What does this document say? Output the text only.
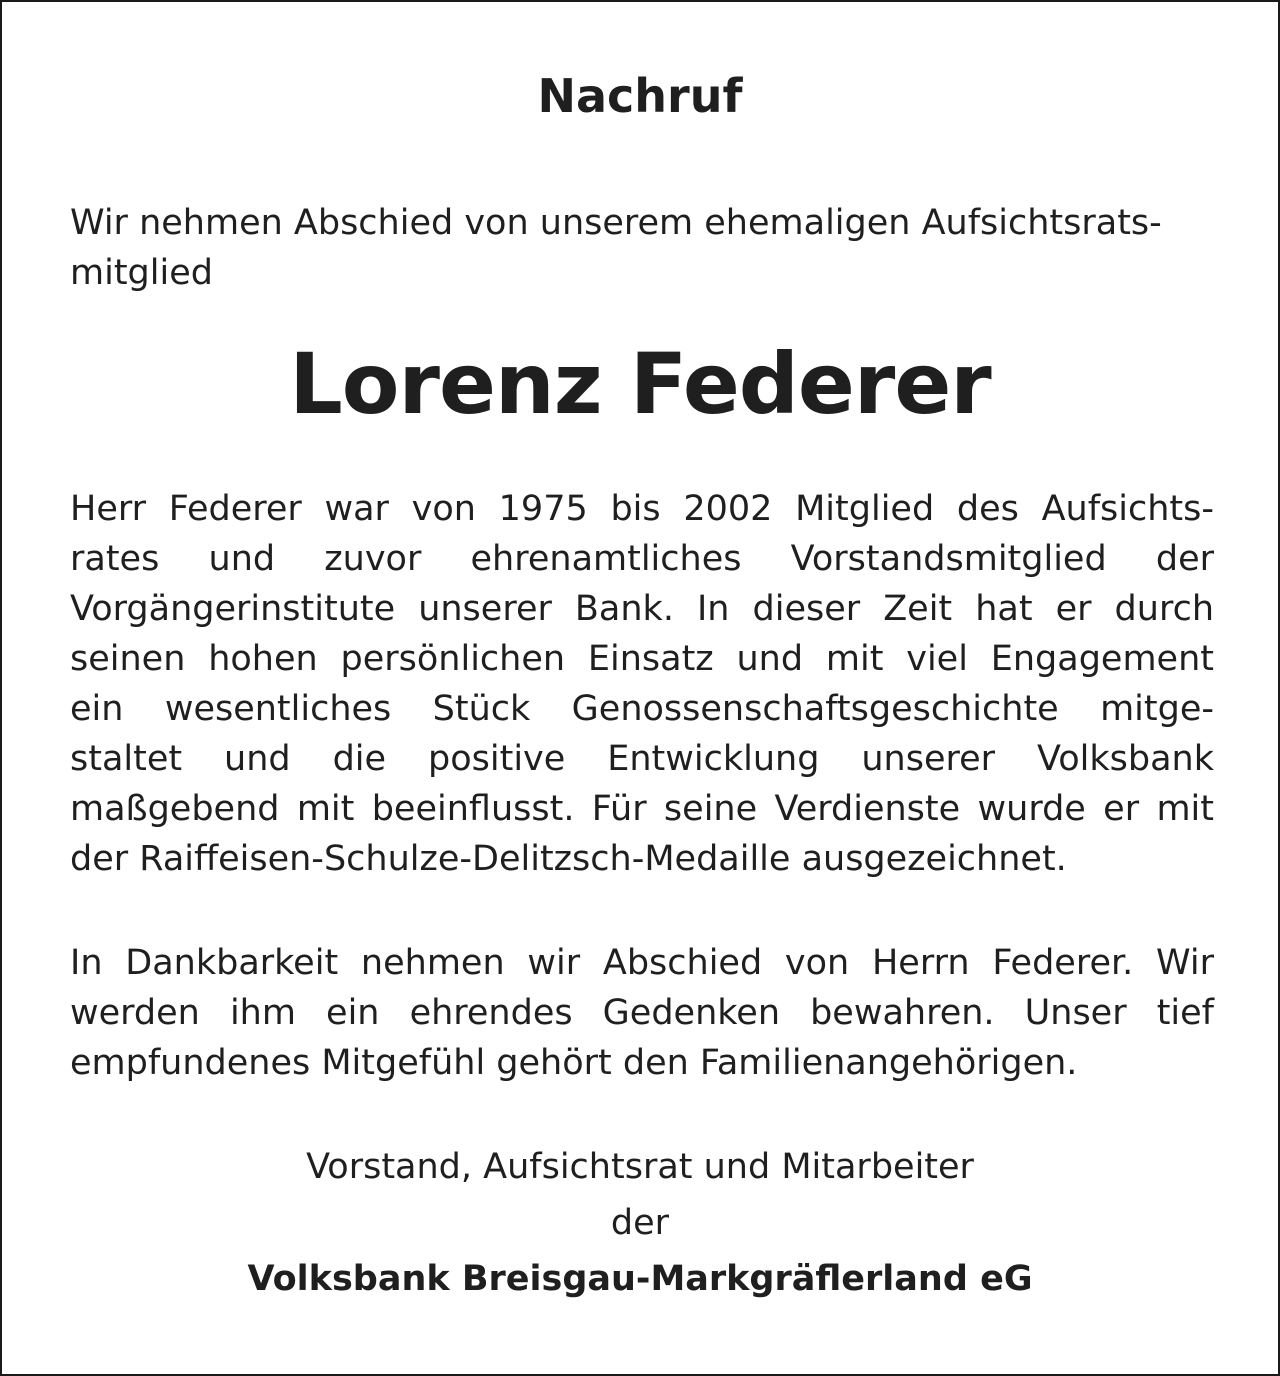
Nachruf
Wir nehmen Abschied von unserem ehemaligen Aufsichtsrats-
mitglied
Lorenz Federer
Herr Federer war von 1975 bis 2002 Mitglied des Aufsichts-
rates und zuvor ehrenamtliches Vorstandsmitglied der
Vorgängerinstitute unserer Bank. In dieser Zeit hat er durch
seinen hohen persönlichen Einsatz und mit viel Engagement
ein wesentliches Stück Genossenschaftsgeschichte mitge-
staltet und die positive Entwicklung unserer Volksbank
maßgebend mit beeinflusst. Für seine Verdienste wurde er mit
der Raiffeisen-Schulze-Delitzsch-Medaille ausgezeichnet.
In Dankbarkeit nehmen wir Abschied von Herrn Federer. Wir
werden ihm ein ehrendes Gedenken bewahren. Unser tief
empfundenes Mitgefühl gehört den Familienangehörigen.
Vorstand, Aufsichtsrat und Mitarbeiter
der
Volksbank Breisgau-Markgräflerland eG
